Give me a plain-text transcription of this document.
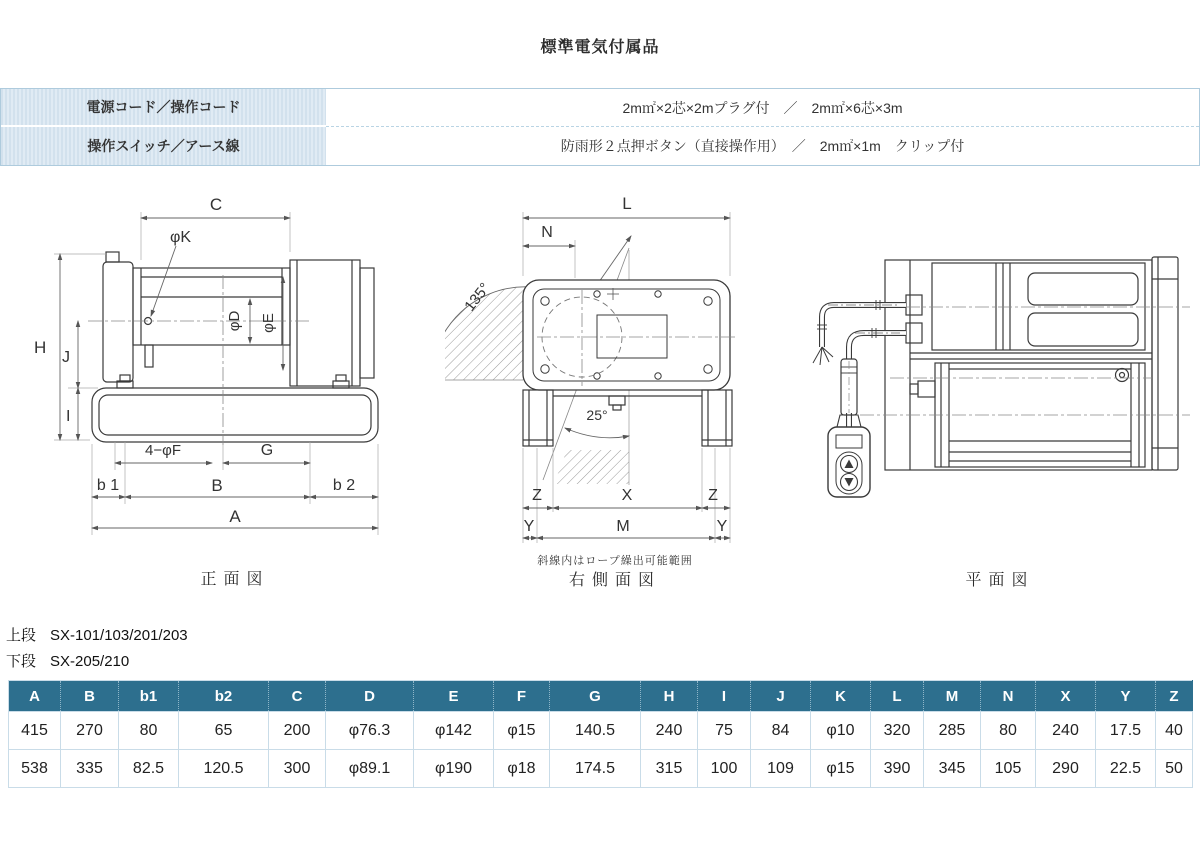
標準電気付属品
電源コード／操作コード	2m㎡×2芯×2mプラグ付　／　2m㎡×6芯×3m
操作スイッチ／アース線	防雨形２点押ボタン（直接操作用）　／　2m㎡×1m　クリップ付
C
φK
φD φE
H
J
I
4−φF	G
b 1	B	b 2
A
正面図
L
N
135°
25°
Z	X	Z
Y	M	Y
斜線内はロープ繰出可能範囲
右側面図	平面図
上段 SX-101/103/201/203
下段 SX-205/210
A	B	b1	b2	C	D	E	F	G	H	I	J	K	L	M	N	X	Y	Z
415	270	80	65	200	φ76.3	φ142	φ15	140.5	240	75	84	φ10	320	285	80	240	17.5	40
538	335	82.5	120.5	300	φ89.1	φ190	φ18	174.5	315	100	109	φ15	390	345	105	290	22.5	50
